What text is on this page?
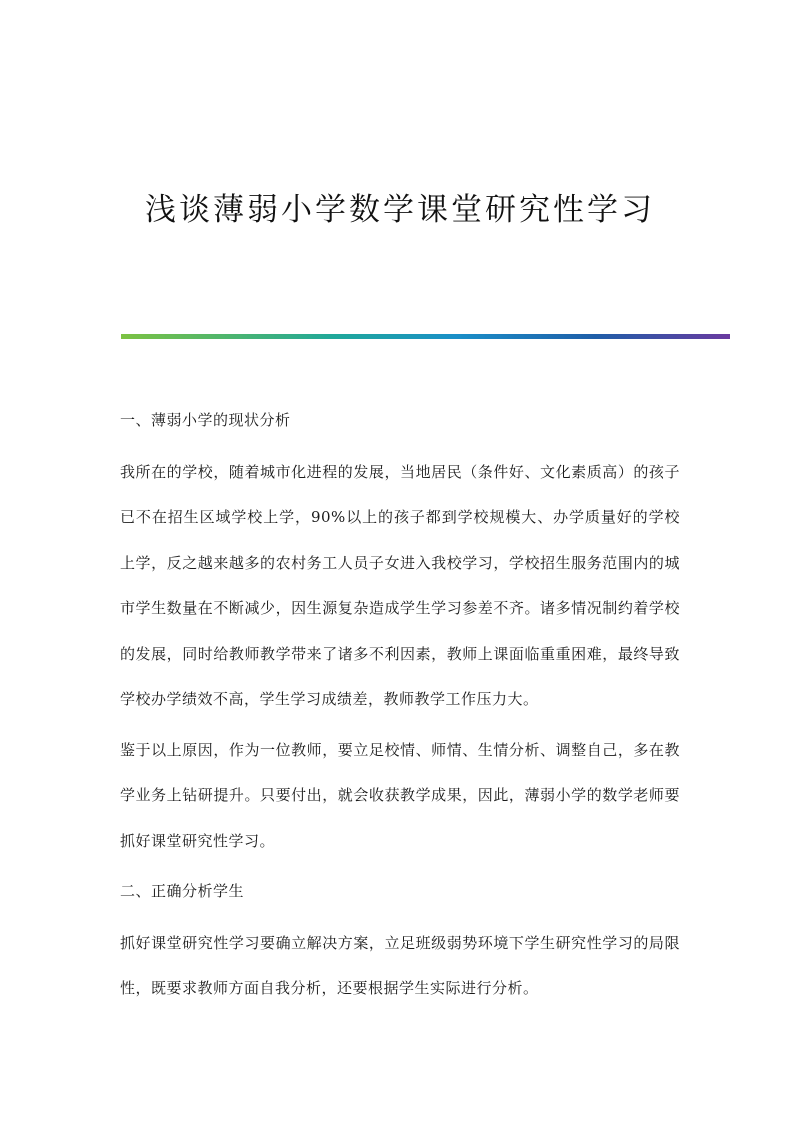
浅谈薄弱小学数学课堂研究性学习

一、薄弱小学的现状分析

我所在的学校，随着城市化进程的发展，当地居民（条件好、文化素质高）的孩子已不在招生区域学校上学，90%以上的孩子都到学校规模大、办学质量好的学校上学，反之越来越多的农村务工人员子女进入我校学习，学校招生服务范围内的城市学生数量在不断减少，因生源复杂造成学生学习参差不齐。诸多情况制约着学校的发展，同时给教师教学带来了诸多不利因素，教师上课面临重重困难，最终导致学校办学绩效不高，学生学习成绩差，教师教学工作压力大。

鉴于以上原因，作为一位教师，要立足校情、师情、生情分析、调整自己，多在教学业务上钻研提升。只要付出，就会收获教学成果，因此，薄弱小学的数学老师要抓好课堂研究性学习。

二、正确分析学生

抓好课堂研究性学习要确立解决方案，立足班级弱势环境下学生研究性学习的局限性，既要求教师方面自我分析，还要根据学生实际进行分析。
